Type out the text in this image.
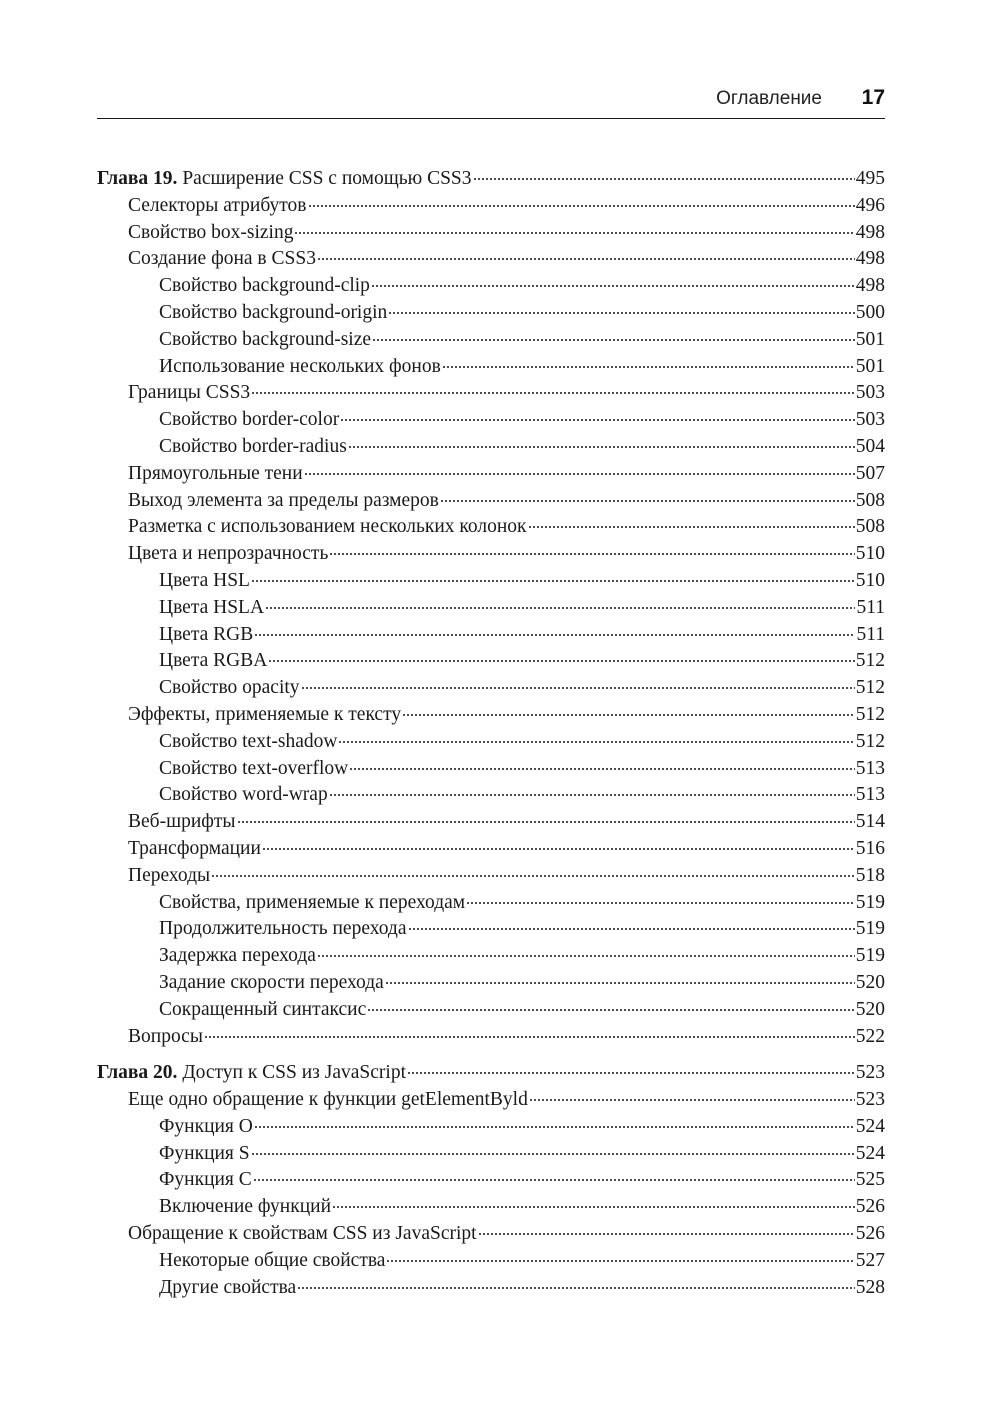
Оглавление 17
Глава 19. Расширение CSS с помощью CSS3	495
Селекторы атрибутов	496
Свойство box-sizing	498
Создание фона в CSS3	498
Свойство background-clip	498
Свойство background-origin	500
Свойство background-size	501
Использование нескольких фонов	501
Границы CSS3	503
Свойство border-color	503
Свойство border-radius	504
Прямоугольные тени	507
Выход элемента за пределы размеров	508
Разметка с использованием нескольких колонок	508
Цвета и непрозрачность	510
Цвета HSL	510
Цвета HSLA	511
Цвета RGB	511
Цвета RGBA	512
Свойство opacity	512
Эффекты, применяемые к тексту	512
Свойство text-shadow	512
Свойство text-overflow	513
Свойство word-wrap	513
Веб-шрифты	514
Трансформации	516
Переходы	518
Свойства, применяемые к переходам	519
Продолжительность перехода	519
Задержка перехода	519
Задание скорости перехода	520
Сокращенный синтаксис	520
Вопросы	522
Глава 20. Доступ к CSS из JavaScript	523
Еще одно обращение к функции getElementByld	523
Функция O	524
Функция S	524
Функция C	525
Включение функций	526
Обращение к свойствам CSS из JavaScript	526
Некоторые общие свойства	527
Другие свойства	528
